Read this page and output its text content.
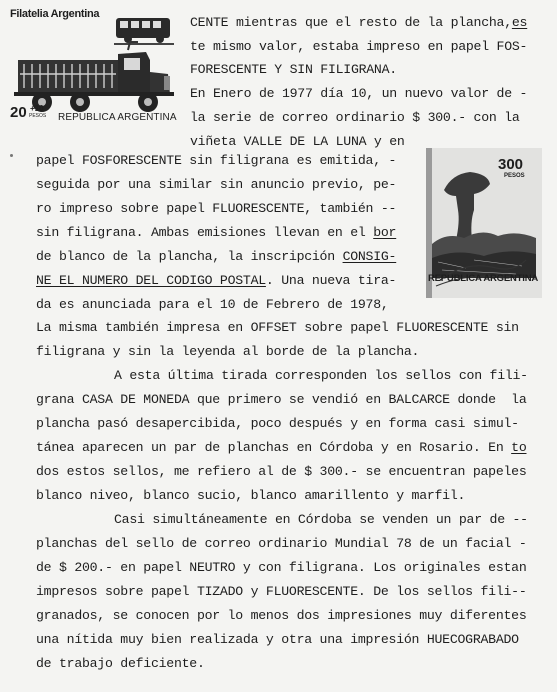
Filatelia Argentina
20 +10
PESOS REPUBLICA ARGENTINA
300
PESOS
REPUBLICA ARGENTINA
CENTE mientras que el resto de la plancha,es
te mismo valor, estaba impreso en papel FOS-
FORESCENTE Y SIN FILIGRANA.
En Enero de 1977 día 10, un nuevo valor de -
la serie de correo ordinario $ 300.- con la
viñeta VALLE DE LA LUNA y en
papel FOSFORESCENTE sin filigrana es emitida, -
seguida por una similar sin anuncio previo, pe-
ro impreso sobre papel FLUORESCENTE, también --
sin filigrana. Ambas emisiones llevan en el bor
de blanco de la plancha, la inscripción CONSIG-
NE EL NUMERO DEL CODIGO POSTAL. Una nueva tira-
da es anunciada para el 10 de Febrero de 1978,
La misma también impresa en OFFSET sobre papel FLUORESCENTE sin
filigrana y sin la leyenda al borde de la plancha.
A esta última tirada corresponden los sellos con fili-
grana CASA DE MONEDA que primero se vendió en BALCARCE donde  la
plancha pasó desapercibida, poco después y en forma casi simul-
tánea aparecen un par de planchas en Córdoba y en Rosario. En to
dos estos sellos, me refiero al de $ 300.- se encuentran papeles
blanco niveo, blanco sucio, blanco amarillento y marfil.
Casi simultáneamente en Córdoba se venden un par de --
planchas del sello de correo ordinario Mundial 78 de un facial -
de $ 200.- en papel NEUTRO y con filigrana. Los originales estan
impresos sobre papel TIZADO y FLUORESCENTE. De los sellos fili--
granados, se conocen por lo menos dos impresiones muy diferentes
una nítida muy bien realizada y otra una impresión HUECOGRABADO
de trabajo deficiente.
